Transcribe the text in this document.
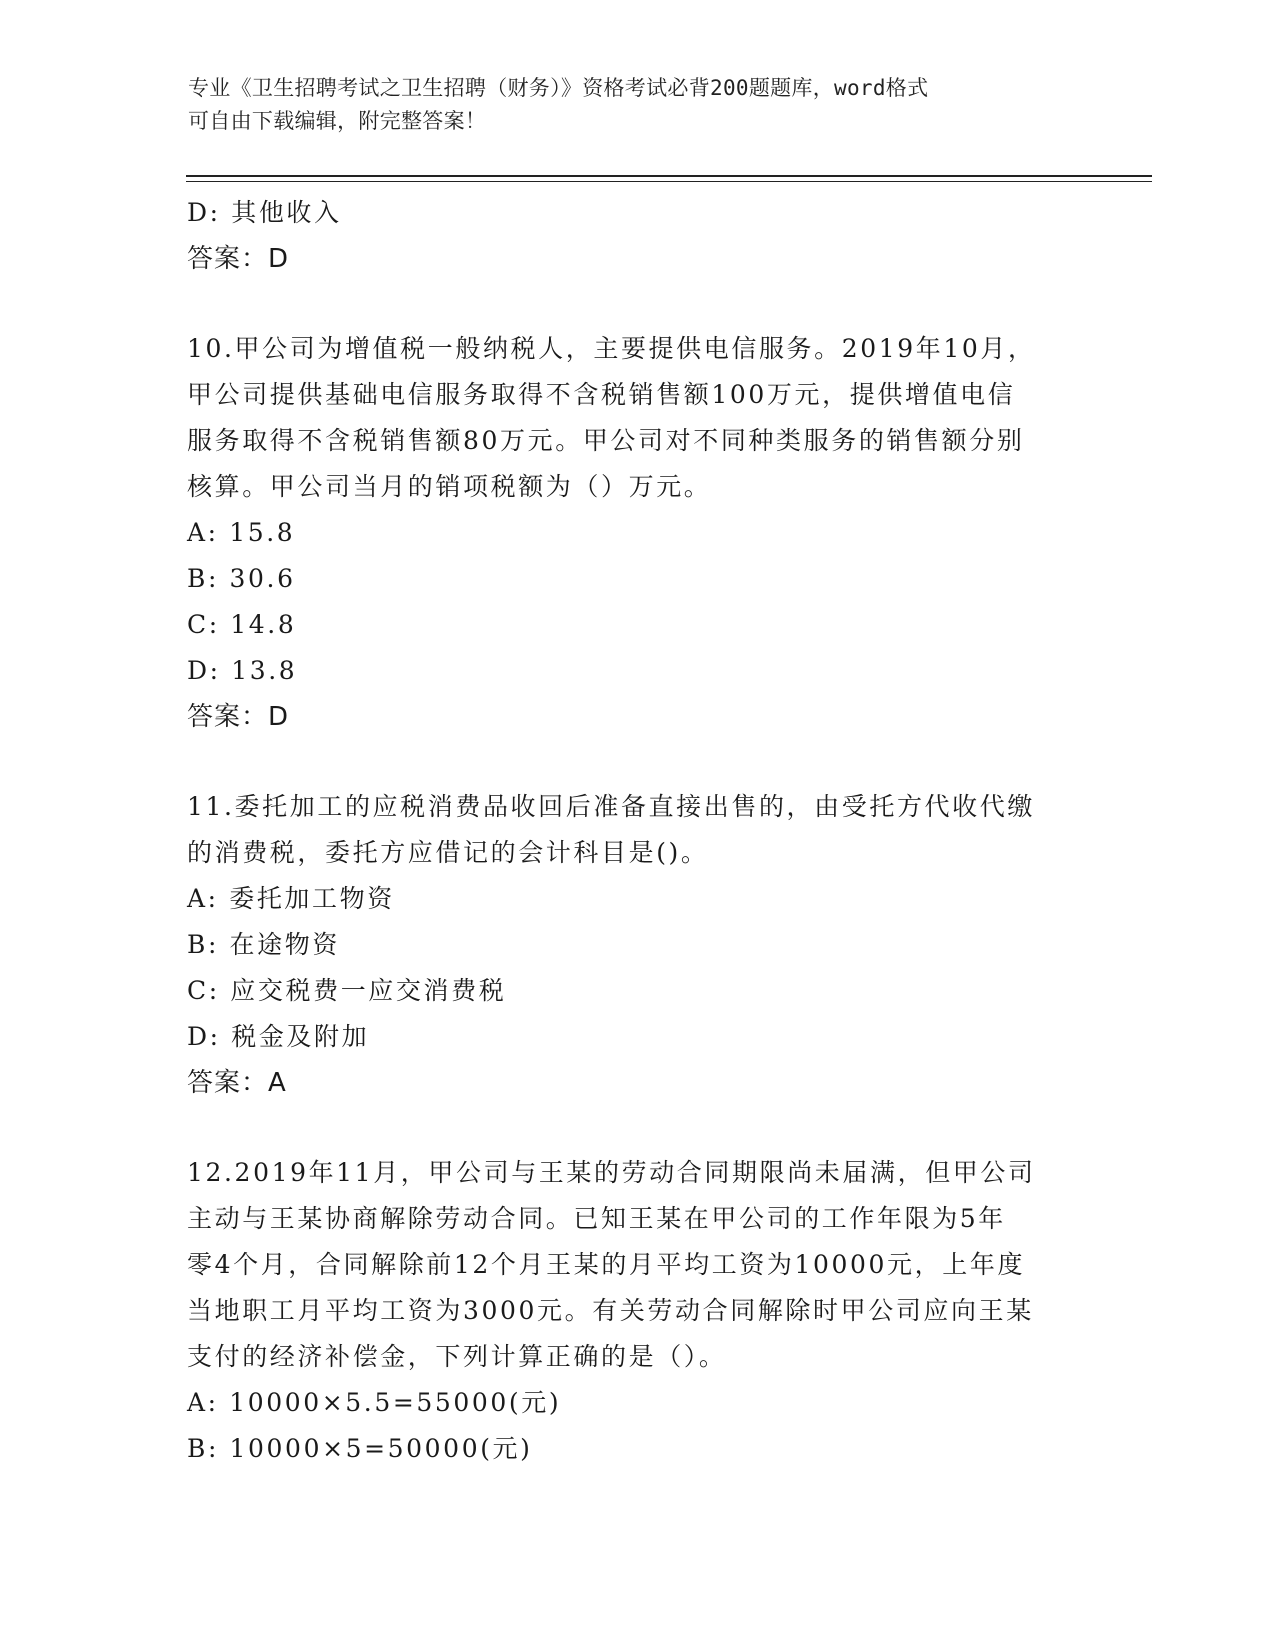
专业《卫生招聘考试之卫生招聘（财务）》资格考试必背200题题库，word格式
可自由下载编辑，附完整答案！
D: 其他收入
答案：D
10.甲公司为增值税一般纳税人，主要提供电信服务。2019年10月，
甲公司提供基础电信服务取得不含税销售额100万元，提供增值电信
服务取得不含税销售额80万元。甲公司对不同种类服务的销售额分别
核算。甲公司当月的销项税额为（）万元。
A: 15.8
B: 30.6
C: 14.8
D: 13.8
答案：D
11.委托加工的应税消费品收回后准备直接出售的，由受托方代收代缴
的消费税，委托方应借记的会计科目是()。
A: 委托加工物资
B: 在途物资
C: 应交税费一应交消费税
D: 税金及附加
答案：A
12.2019年11月，甲公司与王某的劳动合同期限尚未届满，但甲公司
主动与王某协商解除劳动合同。已知王某在甲公司的工作年限为5年
零4个月，合同解除前12个月王某的月平均工资为10000元，上年度
当地职工月平均工资为3000元。有关劳动合同解除时甲公司应向王某
支付的经济补偿金，下列计算正确的是（）。
A: 10000×5.5=55000(元)
B: 10000×5=50000(元)
